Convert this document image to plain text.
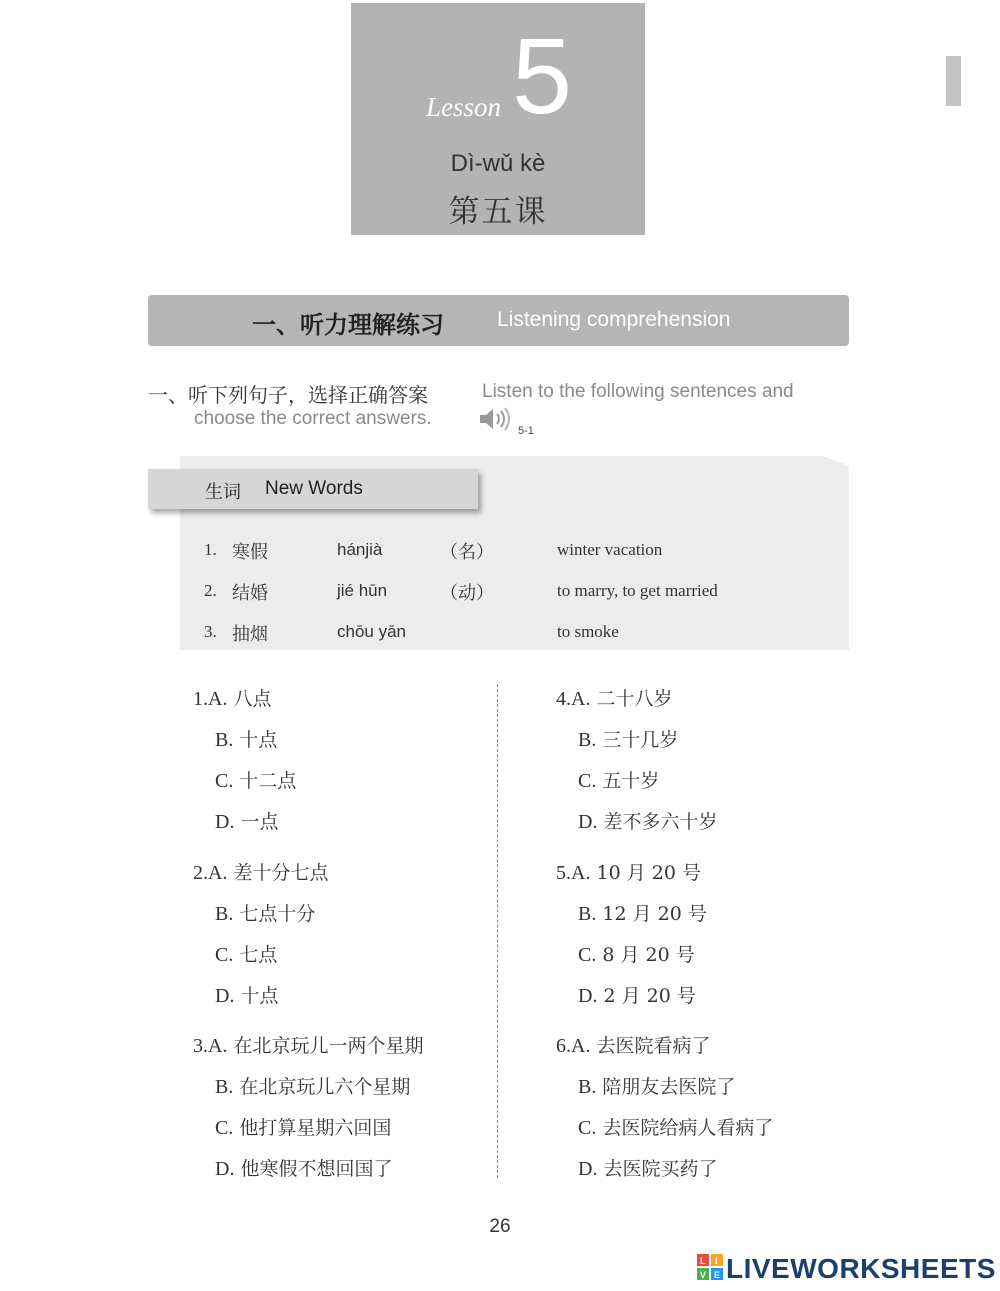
Lesson 5
Dì-wǔ kè
第五课
一、听力理解练习	Listening comprehension
一、听下列句子，选择正确答案	Listen to the following sentences and
choose the correct answers.
5-1
生词 New Words
1. 寒假	hánjià	（名）	winter vacation
2. 结婚	jié hūn	（动）	to marry, to get married
3. 抽烟	chōu yān	to smoke
1.A. 八点
B. 十点
C. 十二点
D. 一点
2.A. 差十分七点
B. 七点十分
C. 七点
D. 十点
3.A. 在北京玩儿一两个星期
B. 在北京玩儿六个星期
C. 他打算星期六回国
D. 他寒假不想回国了
4.A. 二十八岁
B. 三十几岁
C. 五十岁
D. 差不多六十岁
5.A. 10 月 20 号
B. 12 月 20 号
C. 8 月 20 号
D. 2 月 20 号
6.A. 去医院看病了
B. 陪朋友去医院了
C. 去医院给病人看病了
D. 去医院买药了
26
L I
V E LIVEWORKSHEETS
